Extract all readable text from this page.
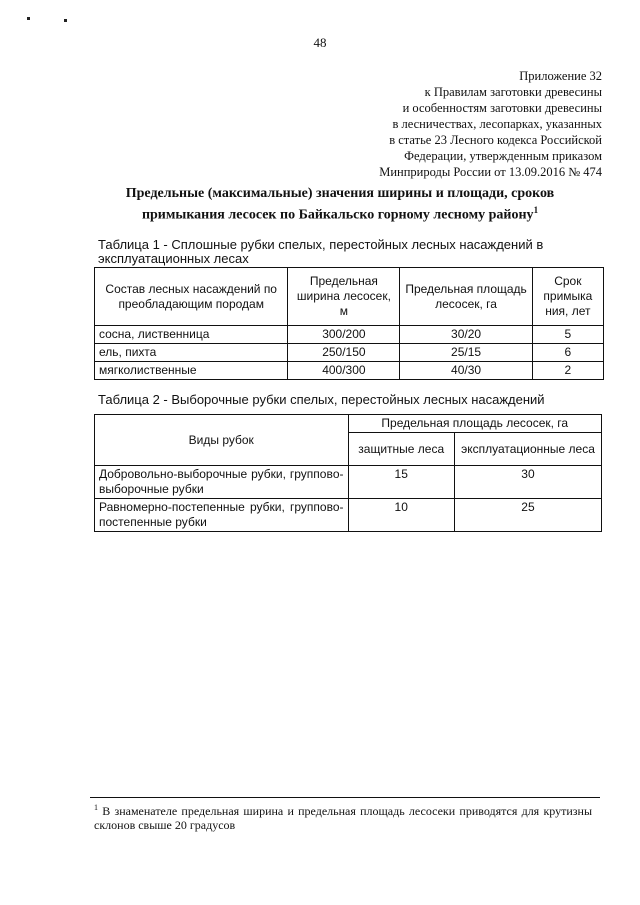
48
Приложение 32
к Правилам заготовки древесины
и особенностям заготовки древесины
в лесничествах, лесопарках, указанных
в статье 23 Лесного кодекса Российской
Федерации, утвержденным приказом
Минприроды России от 13.09.2016 № 474
Предельные (максимальные) значения ширины и площади, сроков
примыкания лесосек по Байкальско горному лесному району$^1$
Таблица 1 - Сплошные рубки спелых, перестойных лесных насаждений в эксплуатационных лесах
Состав лесных насаждений по преобладающим породам	Предельная ширина лесосек, м	Предельная площадь лесосек, га	Срок примыка ния, лет
сосна, лиственница	300/200	30/20	5
ель, пихта	250/150	25/15	6
мягколиственные	400/300	40/30	2
Таблица 2 - Выборочные рубки спелых, перестойных лесных насаждений
Виды рубок	Предельная площадь лесосек, га	
	защитные леса	эксплуатационные леса
Добровольно-выборочные рубки, групповo-выборочные рубки	15	30
Равномерно-постепенные рубки, группово-постепенные рубки	10	25
$^1$ В знаменателе предельная ширина и предельная площадь лесосеки приводятся для крутизны склонов свыше 20 градусов
